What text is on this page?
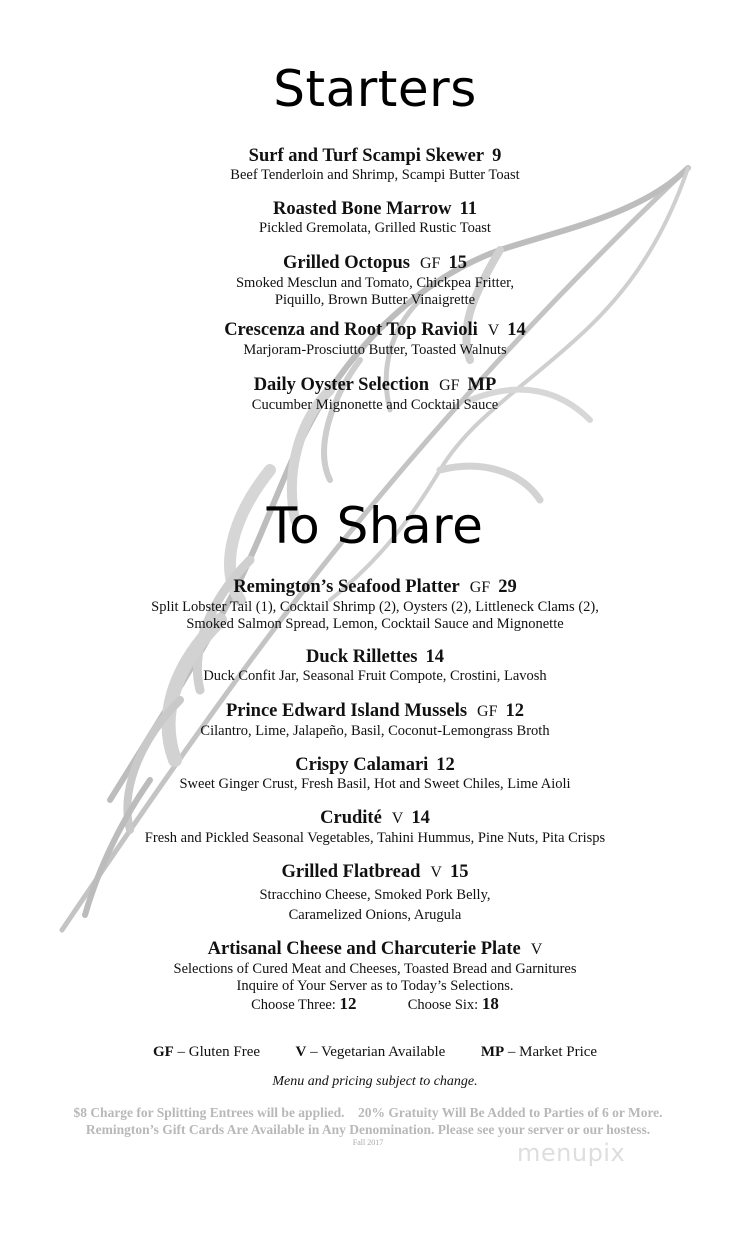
Starters
Surf and Turf Scampi Skewer 9
Beef Tenderloin and Shrimp, Scampi Butter Toast
Roasted Bone Marrow 11
Pickled Gremolata, Grilled Rustic Toast
Grilled Octopus GF 15
Smoked Mesclun and Tomato, Chickpea Fritter,
Piquillo, Brown Butter Vinaigrette
Crescenza and Root Top Ravioli V 14
Marjoram-Prosciutto Butter, Toasted Walnuts
Daily Oyster Selection GF MP
Cucumber Mignonette and Cocktail Sauce
To Share
Remington’s Seafood Platter GF 29
Split Lobster Tail (1), Cocktail Shrimp (2), Oysters (2), Littleneck Clams (2),
Smoked Salmon Spread, Lemon, Cocktail Sauce and Mignonette
Duck Rillettes 14
Duck Confit Jar, Seasonal Fruit Compote, Crostini, Lavosh
Prince Edward Island Mussels GF 12
Cilantro, Lime, Jalapeño, Basil, Coconut-Lemongrass Broth
Crispy Calamari 12
Sweet Ginger Crust, Fresh Basil, Hot and Sweet Chiles, Lime Aioli
Crudité V 14
Fresh and Pickled Seasonal Vegetables, Tahini Hummus, Pine Nuts, Pita Crisps
Grilled Flatbread V 15
Stracchino Cheese, Smoked Pork Belly,
Caramelized Onions, Arugula
Artisanal Cheese and Charcuterie Plate V
Selections of Cured Meat and Cheeses, Toasted Bread and Garnitures
Inquire of Your Server as to Today’s Selections.
Choose Three: 12	Choose Six: 18
GF – Gluten Free V – Vegetarian Available MP – Market Price
Menu and pricing subject to change.
$8 Charge for Splitting Entrees will be applied.    20% Gratuity Will Be Added to Parties of 6 or More.
Remington’s Gift Cards Are Available in Any Denomination. Please see your server or our hostess.
Fall 2017	menupix
